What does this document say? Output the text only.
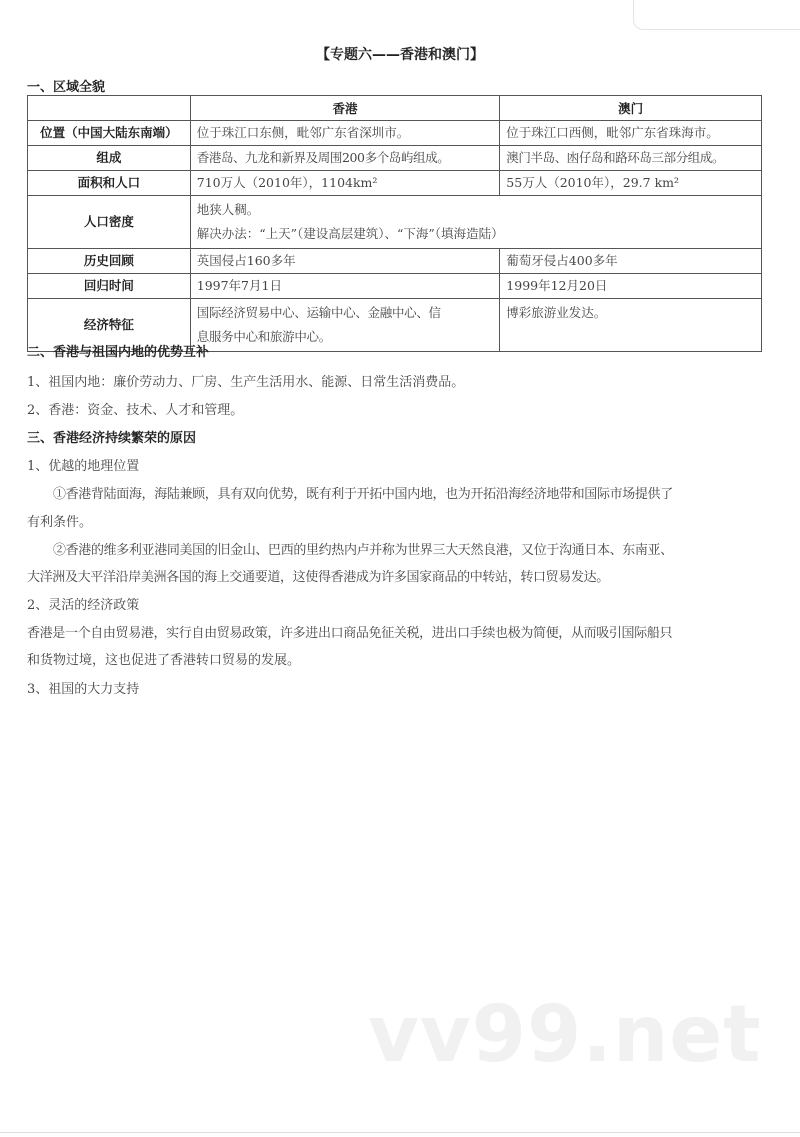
【专题六——香港和澳门】
一、区域全貌
	香港	澳门
位置（中国大陆东南端）	位于珠江口东侧，毗邻广东省深圳市。	位于珠江口西侧，毗邻广东省珠海市。
组成	香港岛、九龙和新界及周围200多个岛屿组成。	澳门半岛、凼仔岛和路环岛三部分组成。
面积和人口	710万人（2010年），1104km²	55万人（2010年），29.7 km²
人口密度	地狭人稠。
解决办法：“上天”（建设高层建筑）、“下海”（填海造陆）	

历史回顾	英国侵占160多年	葡萄牙侵占400多年
回归时间	1997年7月1日	1999年12月20日
经济特征	国际经济贸易中心、运输中心、金融中心、信
息服务中心和旅游中心。	博彩旅游业发达。
二、香港与祖国内地的优势互补
1、祖国内地：廉价劳动力、厂房、生产生活用水、能源、日常生活消费品。
2、香港：资金、技术、人才和管理。
三、香港经济持续繁荣的原因
1、优越的地理位置
①香港背陆面海，海陆兼顾，具有双向优势，既有利于开拓中国内地，也为开拓沿海经济地带和国际市场提供了
有利条件。
②香港的维多利亚港同美国的旧金山、巴西的里约热内卢并称为世界三大天然良港，又位于沟通日本、东南亚、
大洋洲及大平洋沿岸美洲各国的海上交通要道，这使得香港成为许多国家商品的中转站，转口贸易发达。
2、灵活的经济政策
香港是一个自由贸易港，实行自由贸易政策，许多进出口商品免征关税，进出口手续也极为简便，从而吸引国际船只
和货物过境，这也促进了香港转口贸易的发展。
3、祖国的大力支持
vv99.net
